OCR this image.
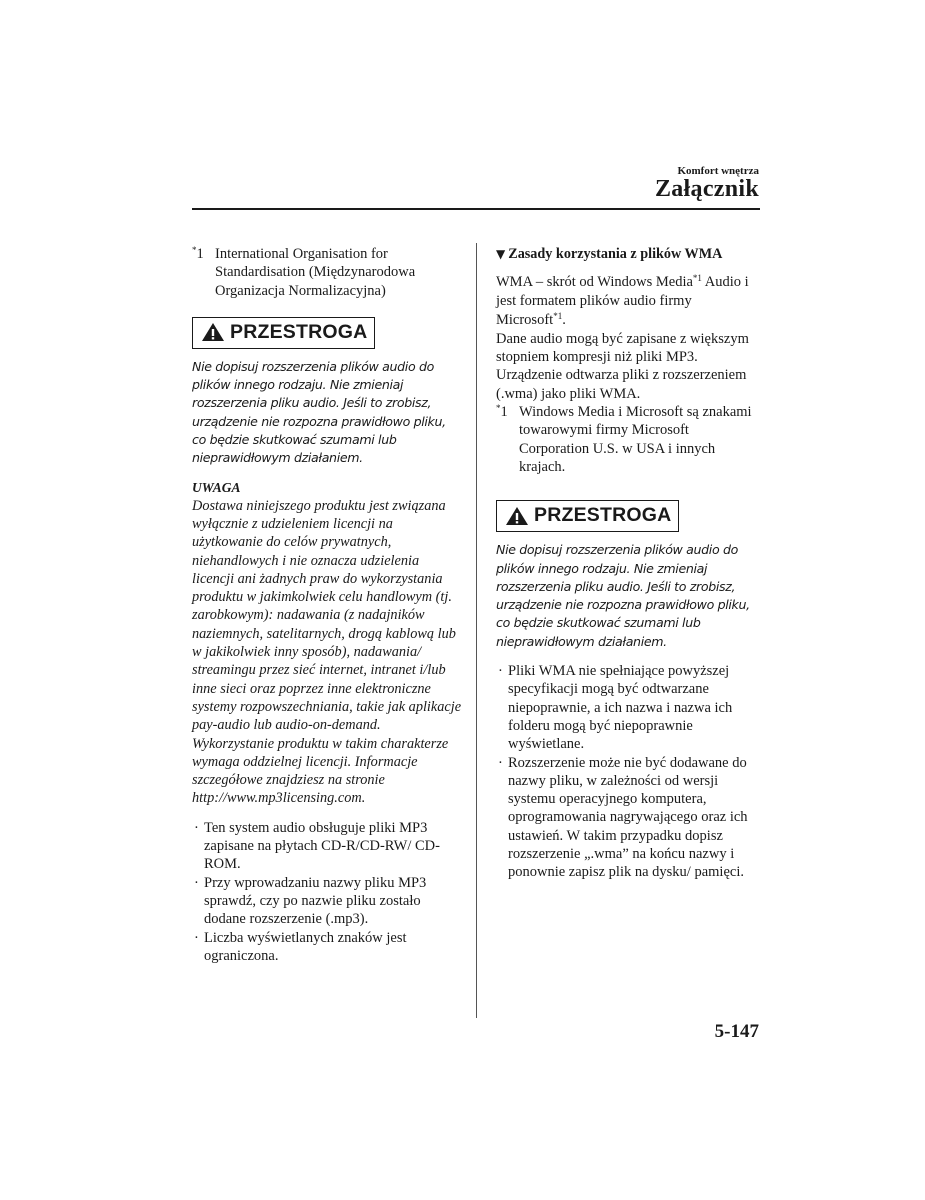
Komfort wnętrza
Załącznik
*1 International Organisation for Standardisation (Międzynarodowa Organizacja Normalizacyjna)
PRZESTROGA
Nie dopisuj rozszerzenia plików audio do plików innego rodzaju. Nie zmieniaj rozszerzenia pliku audio. Jeśli to zrobisz, urządzenie nie rozpozna prawidłowo pliku, co będzie skutkować szumami lub nieprawidłowym działaniem.
UWAGA
Dostawa niniejszego produktu jest związana wyłącznie z udzieleniem licencji na użytkowanie do celów prywatnych, niehandlowych i nie oznacza udzielenia licencji ani żadnych praw do wykorzystania produktu w jakimkolwiek celu handlowym (tj. zarobkowym): nadawania (z nadajników naziemnych, satelitarnych, drogą kablową lub w jakikolwiek inny sposób), nadawania/ streamingu przez sieć internet, intranet i/lub inne sieci oraz poprzez inne elektroniczne systemy rozpowszechniania, takie jak aplikacje pay-audio lub audio-on-demand. Wykorzystanie produktu w takim charakterze wymaga oddzielnej licencji. Informacje szczegółowe znajdziesz na stronie http://www.mp3licensing.com.
· Ten system audio obsługuje pliki MP3 zapisane na płytach CD-R/CD-RW/ CD-ROM.
· Przy wprowadzaniu nazwy pliku MP3 sprawdź, czy po nazwie pliku zostało dodane rozszerzenie (.mp3).
· Liczba wyświetlanych znaków jest ograniczona.
▼ Zasady korzystania z plików WMA
WMA – skrót od Windows Media$^{*1}$ Audio i jest formatem plików audio firmy Microsoft$^{*1}$.
Dane audio mogą być zapisane z większym stopniem kompresji niż pliki MP3.
Urządzenie odtwarza pliki z rozszerzeniem (.wma) jako pliki WMA.
*1 Windows Media i Microsoft są znakami towarowymi firmy Microsoft Corporation U.S. w USA i innych krajach.
PRZESTROGA
Nie dopisuj rozszerzenia plików audio do plików innego rodzaju. Nie zmieniaj rozszerzenia pliku audio. Jeśli to zrobisz, urządzenie nie rozpozna prawidłowo pliku, co będzie skutkować szumami lub nieprawidłowym działaniem.
· Pliki WMA nie spełniające powyższej specyfikacji mogą być odtwarzane niepoprawnie, a ich nazwa i nazwa ich folderu mogą być niepoprawnie wyświetlane.
· Rozszerzenie może nie być dodawane do nazwy pliku, w zależności od wersji systemu operacyjnego komputera, oprogramowania nagrywającego oraz ich ustawień. W takim przypadku dopisz rozszerzenie „.wma” na końcu nazwy i ponownie zapisz plik na dysku/ pamięci.
5-147
